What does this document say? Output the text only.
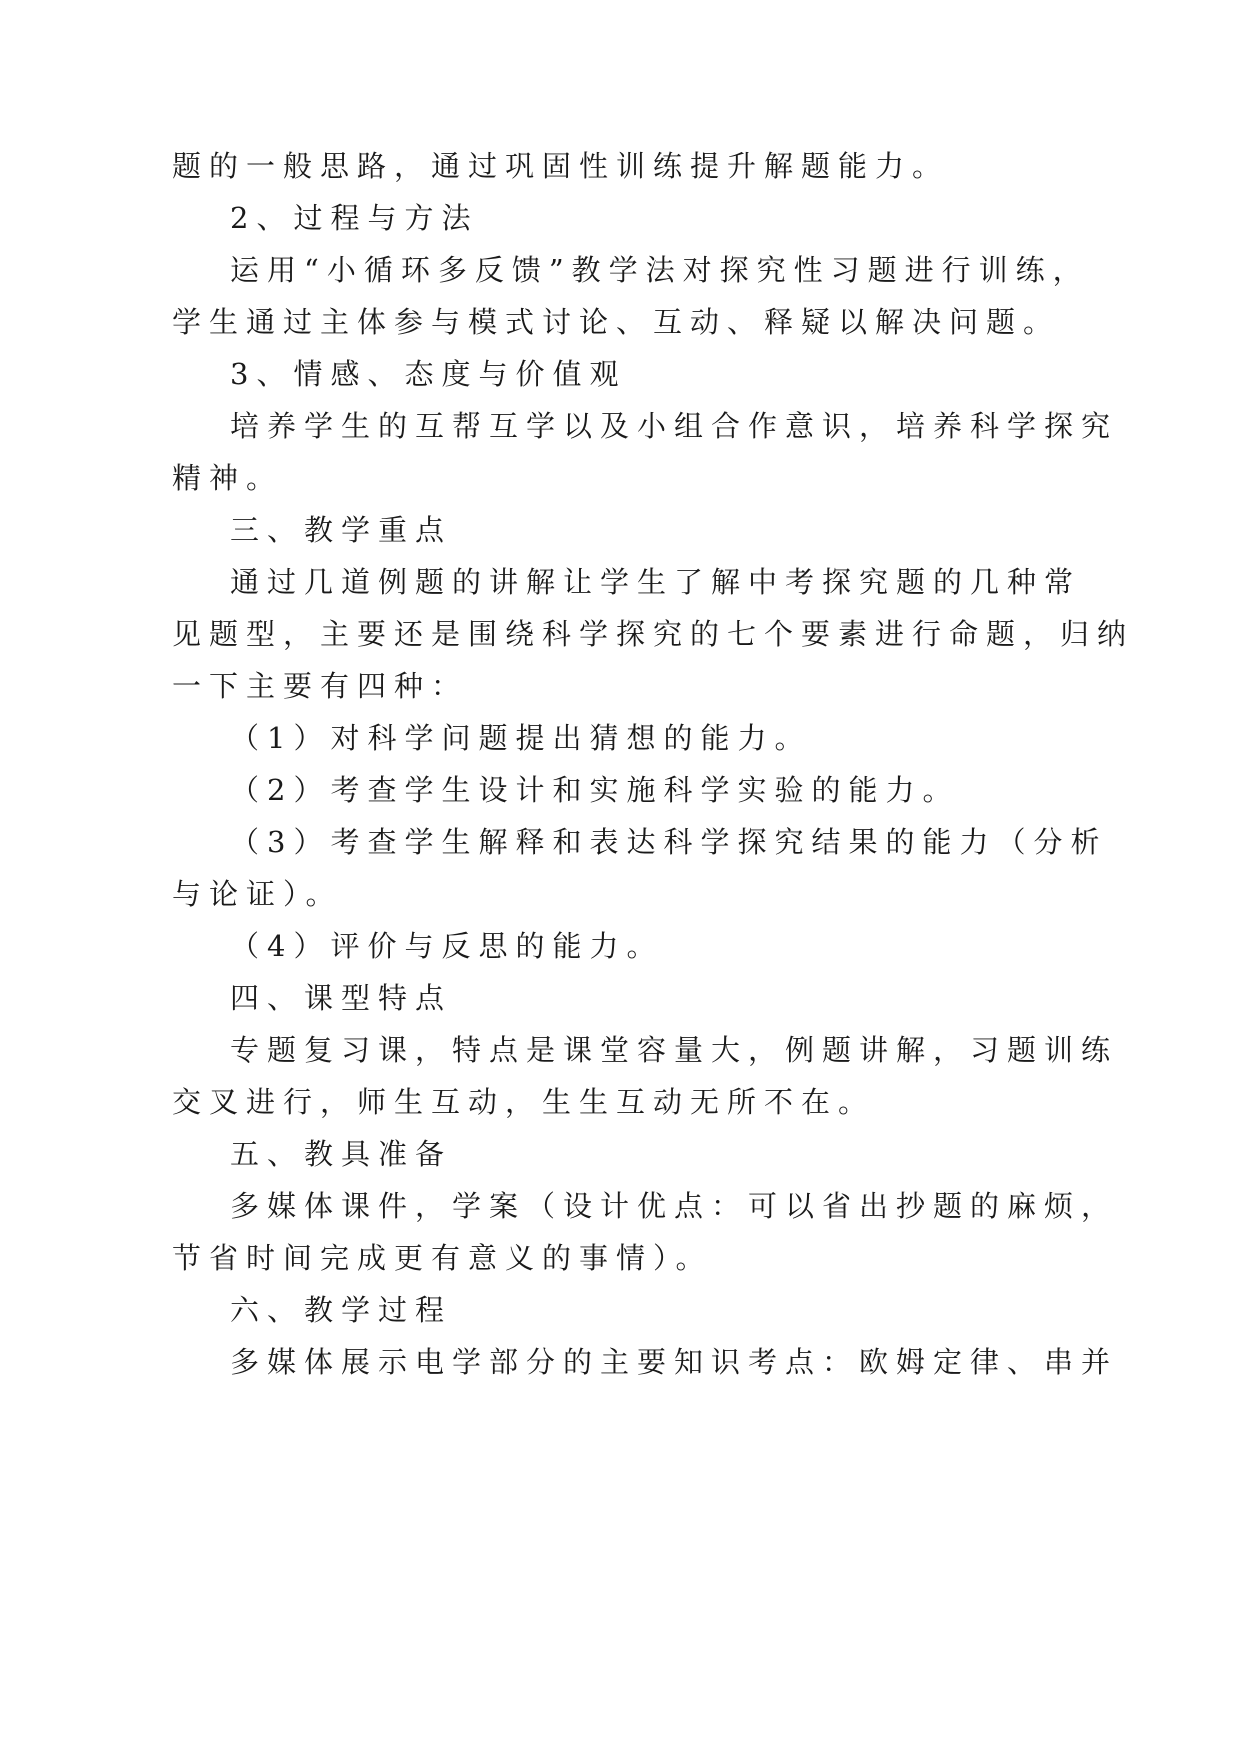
题的一般思路，通过巩固性训练提升解题能力。

2、过程与方法

运用“小循环多反馈”教学法对探究性习题进行训练，

学生通过主体参与模式讨论、互动、释疑以解决问题。

3、情感、态度与价值观

培养学生的互帮互学以及小组合作意识，培养科学探究

精神。

三、教学重点

通过几道例题的讲解让学生了解中考探究题的几种常

见题型，主要还是围绕科学探究的七个要素进行命题，归纳

一下主要有四种：

（1）对科学问题提出猜想的能力。

（2）考查学生设计和实施科学实验的能力。

（3）考查学生解释和表达科学探究结果的能力（分析

与论证）。

（4）评价与反思的能力。

四、课型特点

专题复习课，特点是课堂容量大，例题讲解，习题训练

交叉进行，师生互动，生生互动无所不在。

五、教具准备

多媒体课件，学案（设计优点：可以省出抄题的麻烦，

节省时间完成更有意义的事情）。

六、教学过程

多媒体展示电学部分的主要知识考点：欧姆定律、串并
